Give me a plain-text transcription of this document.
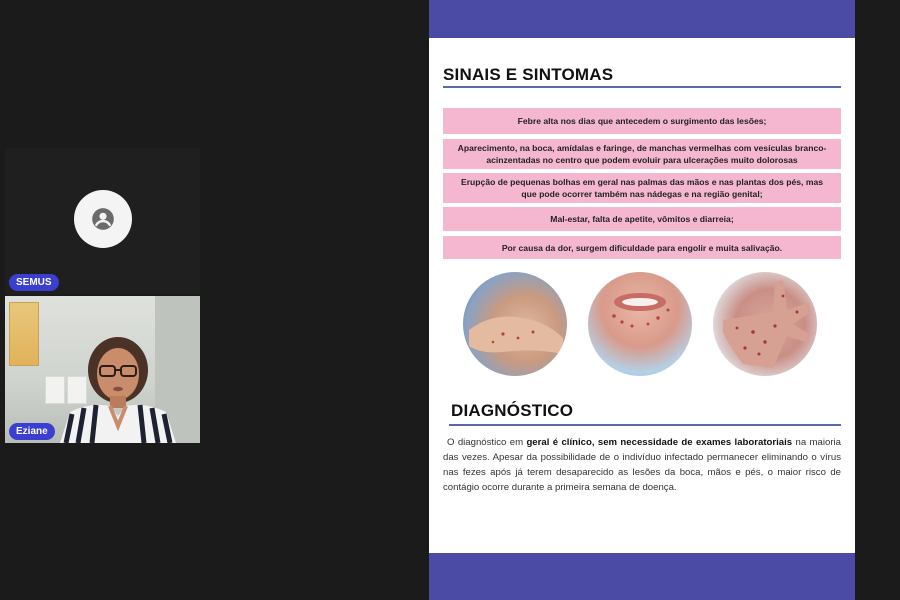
SEMUS
Eziane
SINAIS E SINTOMAS
Febre alta nos dias que antecedem o surgimento das lesões;
Aparecimento, na boca, amídalas e faringe, de manchas vermelhas com vesículas branco-acinzentadas no centro que podem evoluir para ulcerações muito dolorosas
Erupção de pequenas bolhas em geral nas palmas das mãos e nas plantas dos pés, mas que pode ocorrer também nas nádegas e na região genital;
Mal-estar, falta de apetite, vômitos e diarreia;
Por causa da dor, surgem dificuldade para engolir e muita salivação.
DIAGNÓSTICO
O diagnóstico em geral é clínico, sem necessidade de exames laboratoriais na maioria das vezes. Apesar da possibilidade de o indivíduo infectado permanecer eliminando o vírus nas fezes após já terem desaparecido as lesões da boca, mãos e pés, o maior risco de contágio ocorre durante a primeira semana de doença.
